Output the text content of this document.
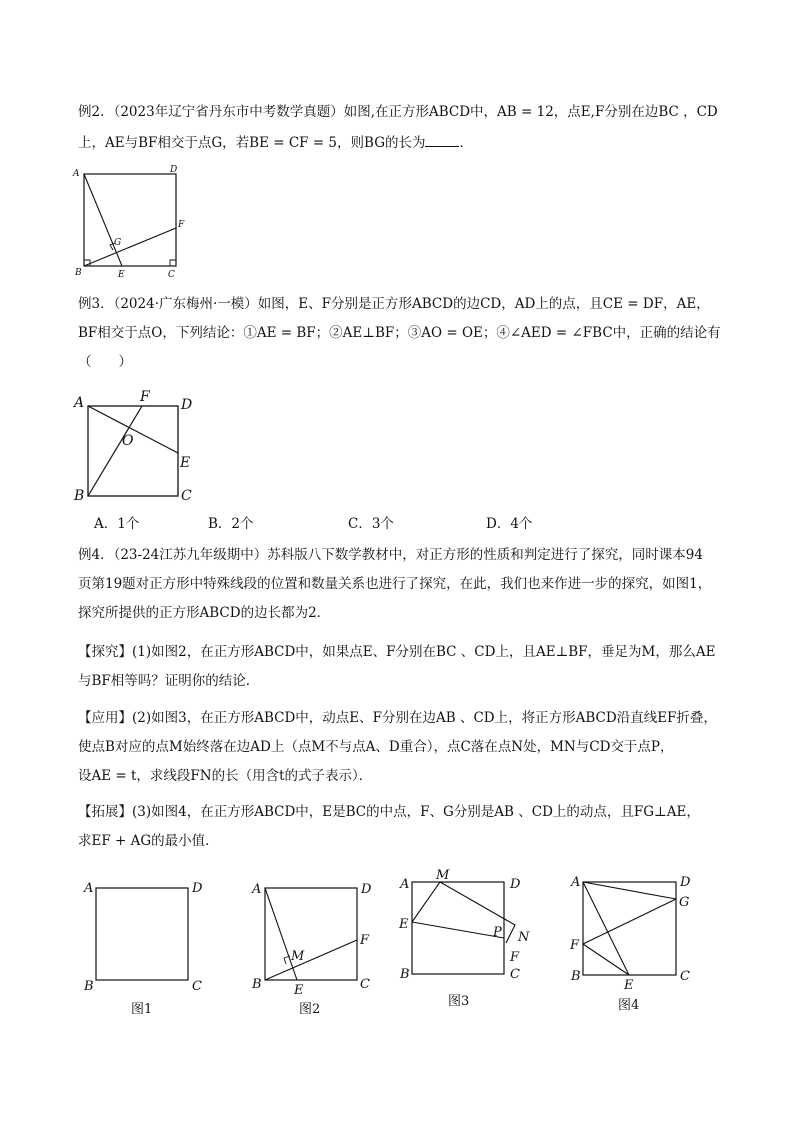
例2．（2023年辽宁省丹东市中考数学真题）如图,在正方形ABCD中，AB = 12，点E,F分别在边BC ，CD
上，AE与BF相交于点G，若BE = CF = 5，则BG的长为	．
A	D
B	E	C
F
G
例3．（2024·广东梅州·一模）如图，E、F分别是正方形ABCD的边CD，AD上的点，且CE = DF，AE，
BF相交于点O，下列结论：①AE = BF；②AE⊥BF；③AO = OE；④∠AED = ∠FBC中，正确的结论有
（　　）
A	F D
O
E
B	C
A．1个	B．2个	C．3个	D．4个
例4．（23-24江苏九年级期中）苏科版八下数学教材中，对正方形的性质和判定进行了探究，同时课本94
页第19题对正方形中特殊线段的位置和数量关系也进行了探究，在此，我们也来作进一步的探究，如图1，
探究所提供的正方形ABCD的边长都为2．
【探究】(1)如图2，在正方形ABCD中，如果点E、F分别在BC 、CD上，且AE⊥BF，垂足为M，那么AE
与BF相等吗？证明你的结论．
【应用】(2)如图3，在正方形ABCD中，动点E、F分别在边AB 、CD上，将正方形ABCD沿直线EF折叠，
使点B对应的点M始终落在边AD上（点M不与点A、D重合），点C落在点N处，MN与CD交于点P，
设AE = t，求线段FN的长（用含t的式子表示）．
【拓展】(3)如图4，在正方形ABCD中，E是BC的中点，F、G分别是AB 、CD上的动点，且FG⊥AE，
求EF + AG的最小值．
A	D
B	C
图1
A	D
F
M
B E	C
图2
A
M
D
E
P N
F
B	C
图3
A	D
G
F
B
E
C
图4
